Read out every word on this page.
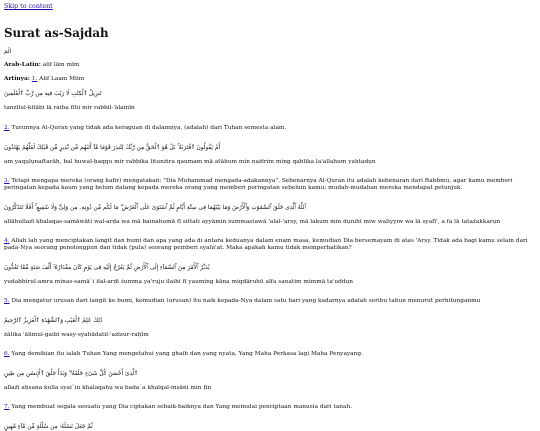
Skip to content
Surat as-Sajdah

الٓمٓ

Arab-Latin: alif lām mīm

Artinya: 1. Alif Laam Miim

تَنزِيلُ ٱلْكِتَٰبِ لَا رَيْبَ فِيهِ مِن رَّبِّ ٱلْعَٰلَمِينَ

tanzīlul-kitābi lā raiba fīhi mir rabbil-'ālamīn

2. Turunnya Al-Quran yang tidak ada keraguan di dalamnya, (adalah) dari Tuhan semesta alam.

أَمْ يَقُولُونَ ٱفْتَرَىٰهُ ۚ بَلْ هُوَ ٱلْحَقُّ مِن رَّبِّكَ لِتُنذِرَ قَوْمًا مَّآ أَتَىٰهُم مِّن نَّذِيرٍ مِّن قَبْلِكَ لَعَلَّهُمْ يَهْتَدُونَ

am yaqụlụnaftarāh, bal huwal-ḥaqqu mir rabbika litunżira qaumam mā atāhum min nażīrim ming qablika la'allahum yahtadụn

3. Tetapi mengapa mereka (orang kafir) mengatakan: "Dia Muhammad mengada-adakannya". Sebenarnya Al-Quran itu adalah kebenaran dari Rabbmu, agar kamu memberi peringatan kepada kaum yang belum datang kepada mereka orang yang memberi peringatan sebelum kamu; mudah-mudahan mereka mendapat petunjuk.

ٱللَّهُ ٱلَّذِى خَلَقَ ٱلسَّمَٰوَٰتِ وَٱلْأَرْضَ وَمَا بَيْنَهُمَا فِى سِتَّةِ أَيَّامٍ ثُمَّ ٱسْتَوَىٰ عَلَى ٱلْعَرْشِ ۖ مَا لَكُم مِّن دُونِهِۦ مِن وَلِىٍّ وَلَا شَفِيعٍ ۚ أَفَلَا تَتَذَكَّرُونَ

allāhullażī khalaqas-samāwāti wal-arḍa wa mā bainahumā fī sittati ayyāmin ṡummastawā 'alal-'arsy, mā lakum min dụnihī miw waliyyiw wa lā syafī', a fa lā tatażakkarụn

4. Allah lah yang menciptakan langit dan bumi dan apa yang ada di antara keduanya dalam enam masa, kemudian Dia bersemayam di atas 'Arsy. Tidak ada bagi kamu selain dari pada-Nya seorang penolongpun dan tidak (pula) seorang pemberi syafa'at. Maka apakah kamu tidak memperhatikan?

يُدَبِّرُ ٱلْأَمْرَ مِنَ ٱلسَّمَآءِ إِلَى ٱلْأَرْضِ ثُمَّ يَعْرُجُ إِلَيْهِ فِى يَوْمٍ كَانَ مِقْدَارُهُۥٓ أَلْفَ سَنَةٍ مِّمَّا تَعُدُّونَ

yudabbirul-amra minas-samā`i ilal-arḍi ṡumma ya'ruju ilaihi fī yauming kāna miqdāruhū alfa sanatim mimmā ta'uddụn

5. Dia mengatur urusan dari langit ke bumi, kemudian (urusan) itu naik kepada-Nya dalam satu hari yang kadarnya adalah seribu tahun menurut perhitunganmu

ذَٰلِكَ عَٰلِمُ ٱلْغَيْبِ وَٱلشَّهَٰدَةِ ٱلْعَزِيزُ ٱلرَّحِيمُ

żālika 'ālimul-gaibi wasy-syahādatil-'azīzur-raḥīm

6. Yang demikian itu ialah Tuhan Yang mengetahui yang ghaib dan yang nyata, Yang Maha Perkasa lagi Maha Penyayang.

ٱلَّذِىٓ أَحْسَنَ كُلَّ شَىْءٍ خَلَقَهُۥ ۖ وَبَدَأَ خَلْقَ ٱلْإِنسَٰنِ مِن طِينٍ

allażī aḥsana kulla syai`in khalaqahụ wa bada`a khalqal-insāni min ṭīn

7. Yang membuat segala sesuatu yang Dia ciptakan sebaik-baiknya dan Yang memulai penciptaan manusia dari tanah.

ثُمَّ جَعَلَ نَسْلَهُۥ مِن سُلَٰلَةٍ مِّن مَّآءٍ مَّهِينٍ
